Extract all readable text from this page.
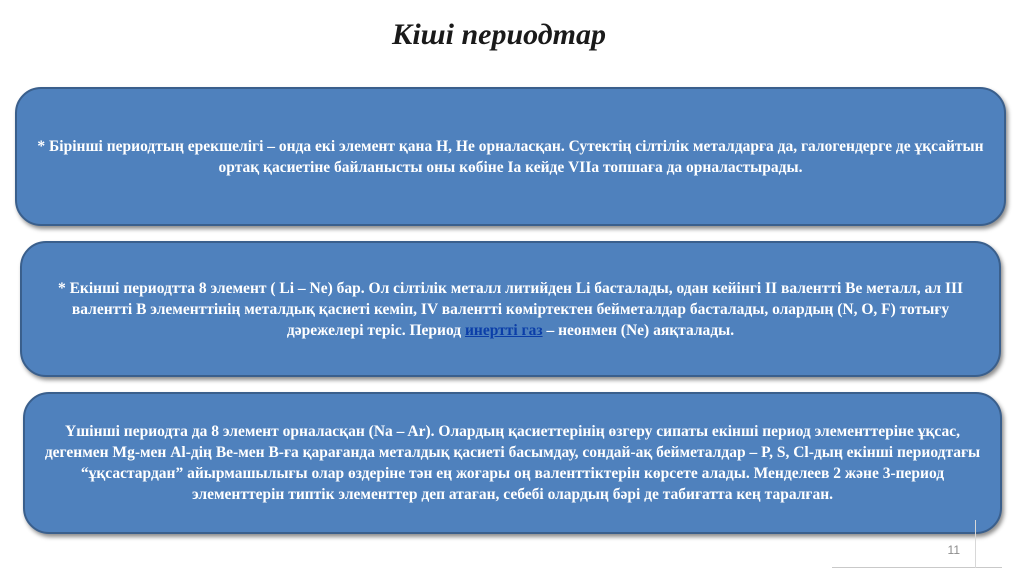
Кіші периодтар

* Бірінші периодтың ерекшелігі – онда екі элемент қана H, He орналасқан. Сутектің сілтілік металдарға да, галогендерге де ұқсайтын ортақ қасиетіне байланысты оны көбіне Ia кейде VIIa топшаға да орналастырады.

* Екінші периодтта 8 элемент ( Li – Ne) бар. Ол сілтілік металл литийден Li басталады, одан кейінгі II валентті Be металл, ал III валентті B элементтінің металдық қасиеті кеміп, IV валентті көміртектен бейметалдар басталады, олардың (N, O, F) тотығу дәрежелері теріс. Период инертті газ – неонмен (Ne) аяқталады.

Үшінші периодта да 8 элемент орналасқан (Na – Ar). Олардың қасиеттерінің өзгеру сипаты екінші период элементтеріне ұқсас, дегенмен Mg-мен Al-дің Be-мен B-ға қарағанда металдық қасиеті басымдау, сондай-ақ бейметалдар – P, S, Cl-дың екінші периодтағы “ұқсастардан” айырмашылығы олар өздеріне тән ең жоғары оң валенттіктерін көрсете алады. Менделеев 2 және 3-период элементтерін типтік элементтер деп атаған, себебі олардың бәрі де табиғатта кең таралған.

11
